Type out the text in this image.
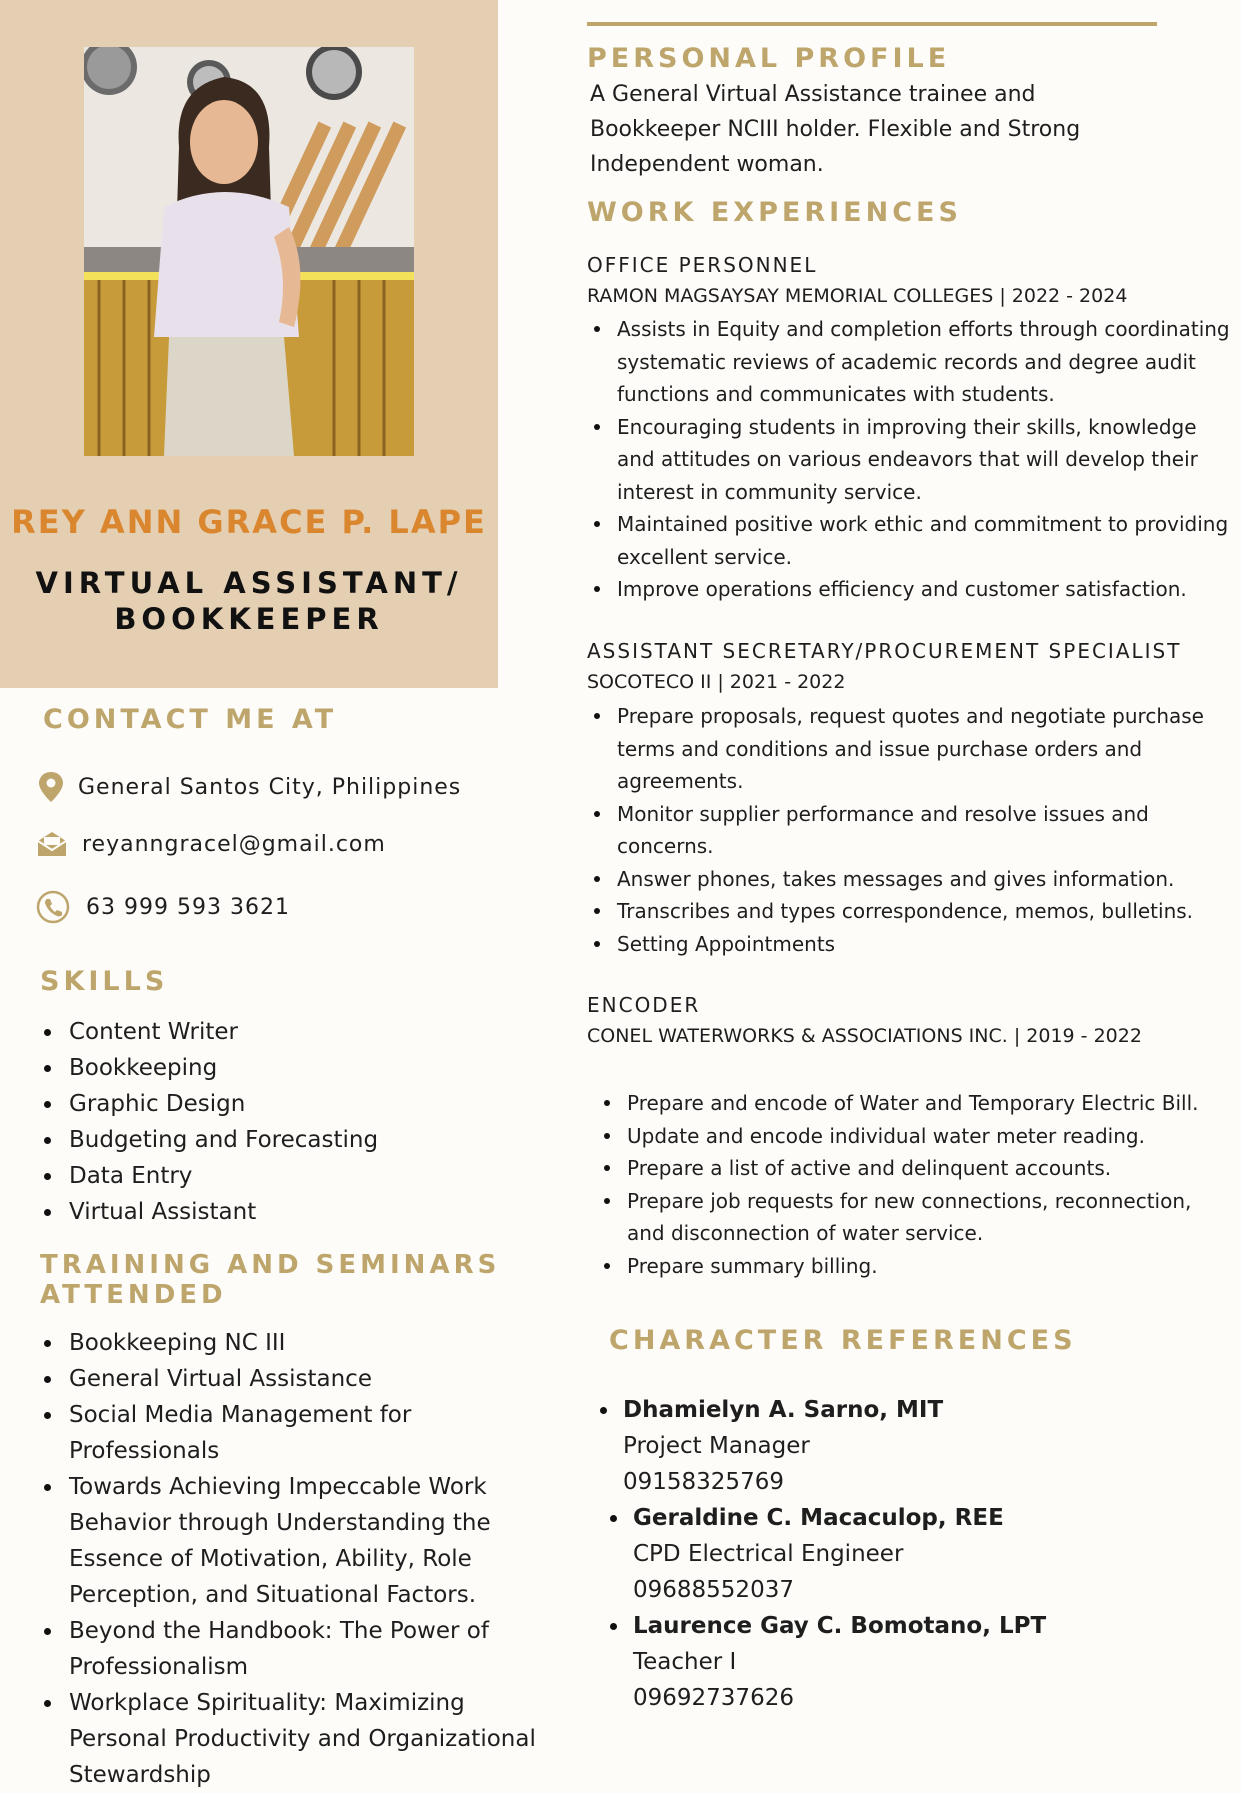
REY ANN GRACE P. LAPE
VIRTUAL ASSISTANT/
BOOKKEEPER
CONTACT ME AT
General Santos City, Philippines
reyanngracel@gmail.com
63 999 593 3621
SKILLS
Content Writer
Bookkeeping
Graphic Design
Budgeting and Forecasting
Data Entry
Virtual Assistant
TRAINING AND SEMINARS
ATTENDED
Bookkeeping NC III
General Virtual Assistance
Social Media Management for Professionals
Towards Achieving Impeccable Work Behavior through Understanding the Essence of Motivation, Ability, Role Perception, and Situational Factors.
Beyond the Handbook: The Power of Professionalism
Workplace Spirituality: Maximizing Personal Productivity and Organizational Stewardship
PERSONAL PROFILE
A General Virtual Assistance trainee and Bookkeeper NCIII holder. Flexible and Strong Independent woman.
WORK EXPERIENCES
OFFICE PERSONNEL
RAMON MAGSAYSAY MEMORIAL COLLEGES | 2022 - 2024
Assists in Equity and completion efforts through coordinating systematic reviews of academic records and degree audit functions and communicates with students.
Encouraging students in improving their skills, knowledge and attitudes on various endeavors that will develop their interest in community service.
Maintained positive work ethic and commitment to providing excellent service.
Improve operations efficiency and customer satisfaction.
ASSISTANT SECRETARY/PROCUREMENT SPECIALIST
SOCOTECO II | 2021 - 2022
Prepare proposals, request quotes and negotiate purchase terms and conditions and issue purchase orders and agreements.
Monitor supplier performance and resolve issues and concerns.
Answer phones, takes messages and gives information.
Transcribes and types correspondence, memos, bulletins.
Setting Appointments
ENCODER
CONEL WATERWORKS & ASSOCIATIONS INC. | 2019 - 2022
Prepare and encode of Water and Temporary Electric Bill.
Update and encode individual water meter reading.
Prepare a list of active and delinquent accounts.
Prepare job requests for new connections, reconnection, and disconnection of water service.
Prepare summary billing.
CHARACTER REFERENCES
Dhamielyn A. Sarno, MIT
Project Manager
09158325769
Geraldine C. Macaculop, REE
CPD Electrical Engineer
09688552037
Laurence Gay C. Bomotano, LPT
Teacher I
09692737626
